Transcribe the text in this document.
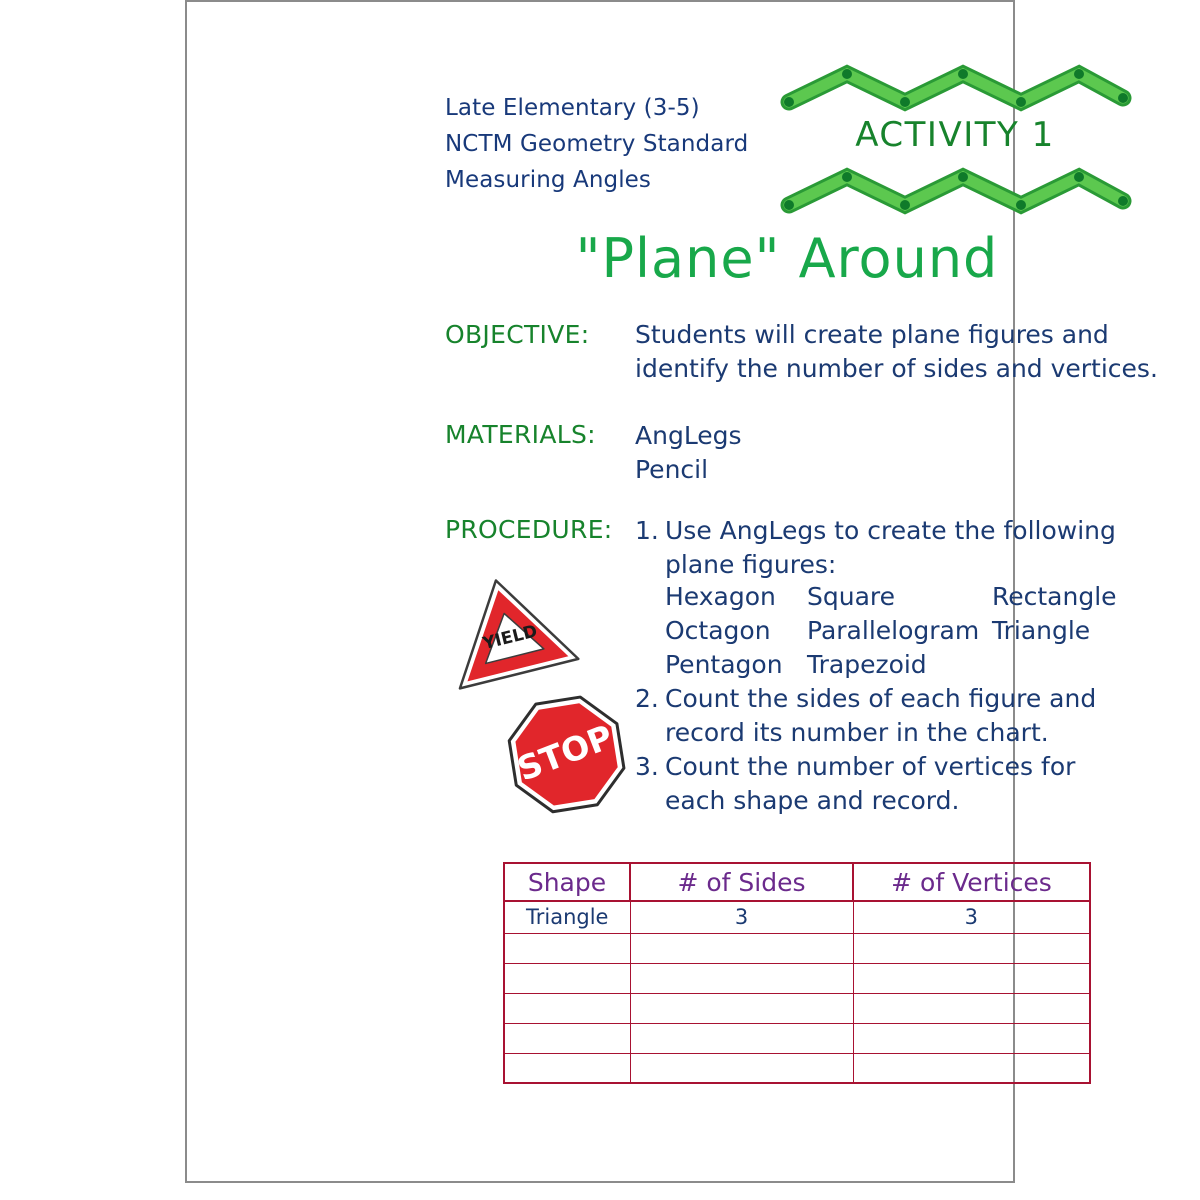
Late Elementary (3-5)
NCTM Geometry Standard
Measuring Angles
ACTIVITY 1
"Plane" Around
OBJECTIVE: Students will create plane figures and
identify the number of sides and vertices.
MATERIALS: AngLegs
Pencil
PROCEDURE: 1. Use AngLegs to create the following
plane figures:
Hexagon	Square	Rectangle
Octagon	Parallelogram Triangle
Pentagon Trapezoid
2. Count the sides of each figure and
record its number in the chart.
3. Count the number of vertices for
each shape and record.
YIELD
STOP
Shape	# of Sides	# of Vertices
Triangle	3	3
